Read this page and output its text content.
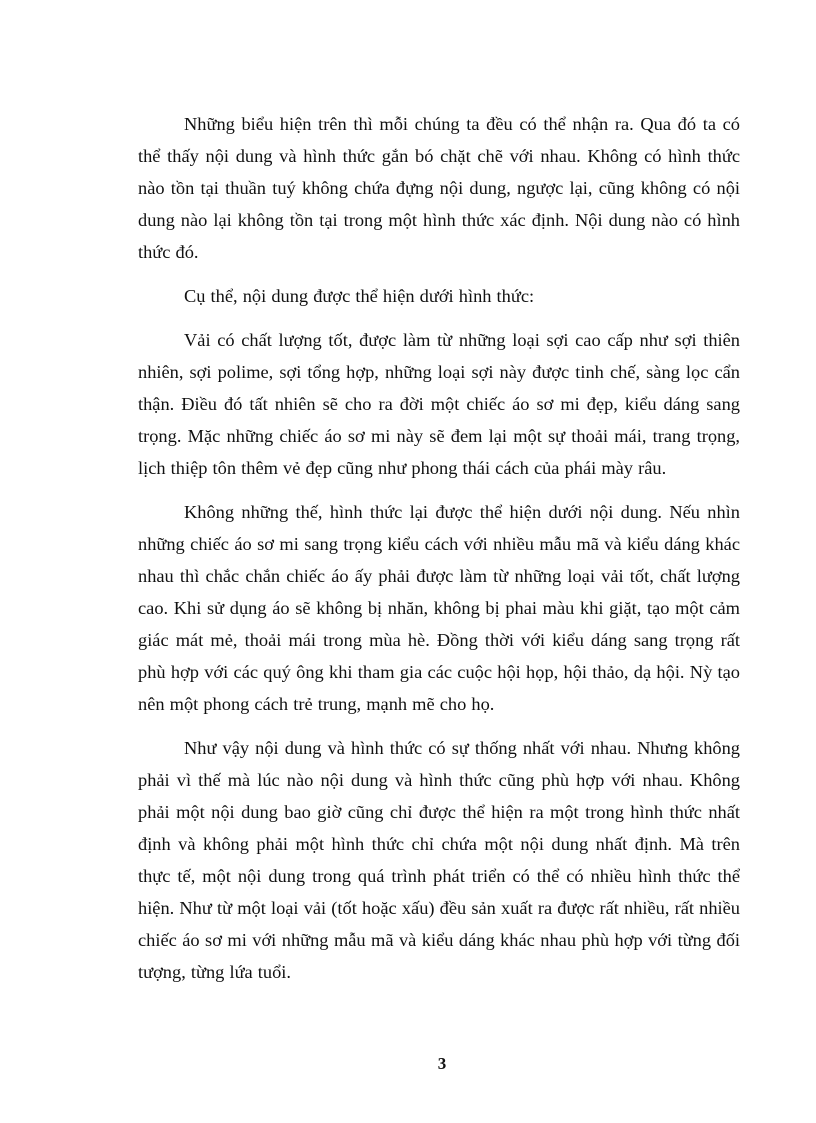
Những biểu hiện trên thì mỗi chúng ta đều có thể nhận ra. Qua đó ta có thể thấy nội dung và hình thức gắn bó chặt chẽ với nhau. Không có hình thức nào tồn tại thuần tuý không chứa đựng nội dung, ngược lại, cũng không có nội dung nào lại không tồn tại trong một hình thức xác định. Nội dung nào có hình thức đó.

Cụ thể, nội dung được thể hiện dưới hình thức:

Vải có chất lượng tốt, được làm từ những loại sợi cao cấp như sợi thiên nhiên, sợi polime, sợi tổng hợp, những loại sợi này được tinh chế, sàng lọc cẩn thận. Điều đó tất nhiên sẽ cho ra đời một chiếc áo sơ mi đẹp, kiểu dáng sang trọng. Mặc những chiếc áo sơ mi này sẽ đem lại một sự thoải mái, trang trọng, lịch thiệp tôn thêm vẻ đẹp cũng như phong thái cách của phái mày râu.

Không những thế, hình thức lại được thể hiện dưới nội dung. Nếu nhìn những chiếc áo sơ mi sang trọng kiểu cách với nhiều mẫu mã và kiểu dáng khác nhau thì chắc chắn chiếc áo ấy phải được làm từ những loại vải tốt, chất lượng cao. Khi sử dụng áo sẽ không bị nhăn, không bị phai màu khi giặt, tạo một cảm giác mát mẻ, thoải mái trong mùa hè. Đồng thời với kiểu dáng sang trọng rất phù hợp với các quý ông khi tham gia các cuộc hội họp, hội thảo, dạ hội. Nỳ tạo nên một phong cách trẻ trung, mạnh mẽ cho họ.

Như vậy nội dung và hình thức có sự thống nhất với nhau. Nhưng không phải vì thế mà lúc nào nội dung và hình thức cũng phù hợp với nhau. Không phải một nội dung bao giờ cũng chỉ được thể hiện ra một trong hình thức nhất định và không phải một hình thức chỉ chứa một nội dung nhất định. Mà trên thực tế, một nội dung trong quá trình phát triển có thể có nhiều hình thức thể hiện. Như từ một loại vải (tốt hoặc xấu) đều sản xuất ra được rất nhiều, rất nhiều chiếc áo sơ mi với những mẫu mã và kiểu dáng khác nhau phù hợp với từng đối tượng, từng lứa tuổi.

3
